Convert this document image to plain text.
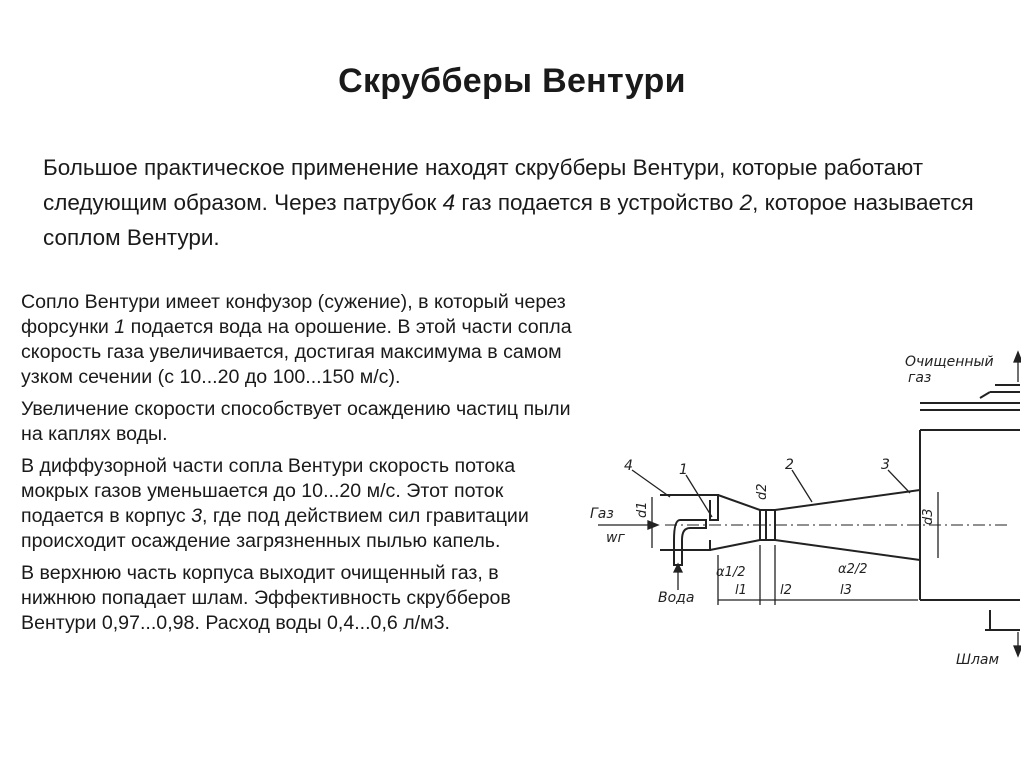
Скрубберы Вентури
Большое практическое применение находят скрубберы Вентури, которые работают следующим образом. Через патрубок 4 газ подается в устройство 2, которое называется соплом Вентури.

Сопло Вентури имеет конфузор (сужение), в который через форсунки 1 подается вода на орошение. В этой части сопла скорость газа увеличивается, достигая максимума в самом узком сечении (с 10...20 до 100...150 м/с).

Увеличение скорости способствует осаждению частиц пыли на каплях воды.

В диффузорной части сопла Вентури скорость потока мокрых газов уменьшается до 10...20 м/с. Этот поток подается в корпус 3, где под действием сил гравитации происходит осаждение загрязненных пылью капель.

В верхнюю часть корпуса выходит очищенный газ, в нижнюю попадает шлам. Эффективность скрубберов Вентури 0,97...0,98. Расход воды 0,4...0,6 л/м3.

Очищенный
газ
Газ
wг
Вода
Шлам
4	1	2	3
d1
d2
d3
α1/2	α2/2
l1	l2	l3
